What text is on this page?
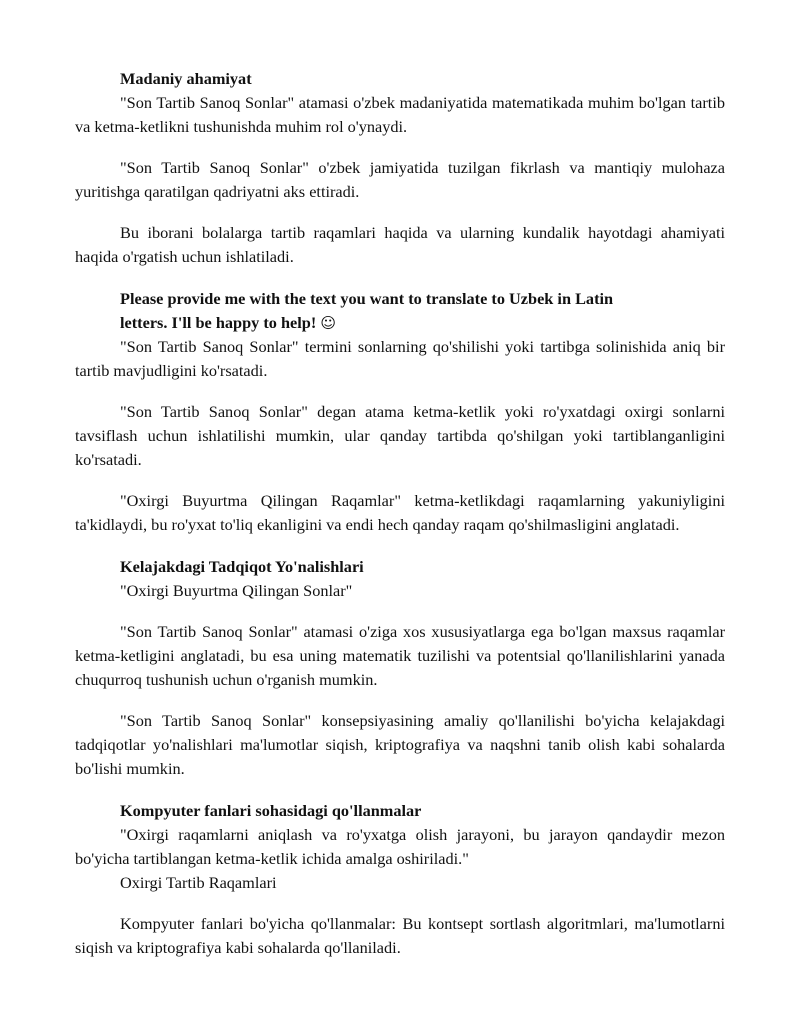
Madaniy ahamiyat

"Son Tartib Sanoq Sonlar" atamasi o'zbek madaniyatida matematikada muhim bo'lgan tartib va ketma-ketlikni tushunishda muhim rol o'ynaydi.

"Son Tartib Sanoq Sonlar" o'zbek jamiyatida tuzilgan fikrlash va mantiqiy mulohaza yuritishga qaratilgan qadriyatni aks ettiradi.

Bu iborani bolalarga tartib raqamlari haqida va ularning kundalik hayotdagi ahamiyati haqida o'rgatish uchun ishlatiladi.

Please provide me with the text you want to translate to Uzbek in Latin
letters. I'll be happy to help! ☺

"Son Tartib Sanoq Sonlar" termini sonlarning qo'shilishi yoki tartibga solinishida aniq bir tartib mavjudligini ko'rsatadi.

"Son Tartib Sanoq Sonlar" degan atama ketma-ketlik yoki ro'yxatdagi oxirgi sonlarni tavsiflash uchun ishlatilishi mumkin, ular qanday tartibda qo'shilgan yoki tartiblanganligini ko'rsatadi.

"Oxirgi Buyurtma Qilingan Raqamlar" ketma-ketlikdagi raqamlarning yakuniyligini ta'kidlaydi, bu ro'yxat to'liq ekanligini va endi hech qanday raqam qo'shilmasligini anglatadi.

Kelajakdagi Tadqiqot Yo'nalishlari

"Oxirgi Buyurtma Qilingan Sonlar"

"Son Tartib Sanoq Sonlar" atamasi o'ziga xos xususiyatlarga ega bo'lgan maxsus raqamlar ketma-ketligini anglatadi, bu esa uning matematik tuzilishi va potentsial qo'llanilishlarini yanada chuqurroq tushunish uchun o'rganish mumkin.

"Son Tartib Sanoq Sonlar" konsepsiyasining amaliy qo'llanilishi bo'yicha kelajakdagi tadqiqotlar yo'nalishlari ma'lumotlar siqish, kriptografiya va naqshni tanib olish kabi sohalarda bo'lishi mumkin.

Kompyuter fanlari sohasidagi qo'llanmalar

"Oxirgi raqamlarni aniqlash va ro'yxatga olish jarayoni, bu jarayon qandaydir mezon bo'yicha tartiblangan ketma-ketlik ichida amalga oshiriladi."

Oxirgi Tartib Raqamlari

Kompyuter fanlari bo'yicha qo'llanmalar: Bu kontsept sortlash algoritmlari, ma'lumotlarni siqish va kriptografiya kabi sohalarda qo'llaniladi.
